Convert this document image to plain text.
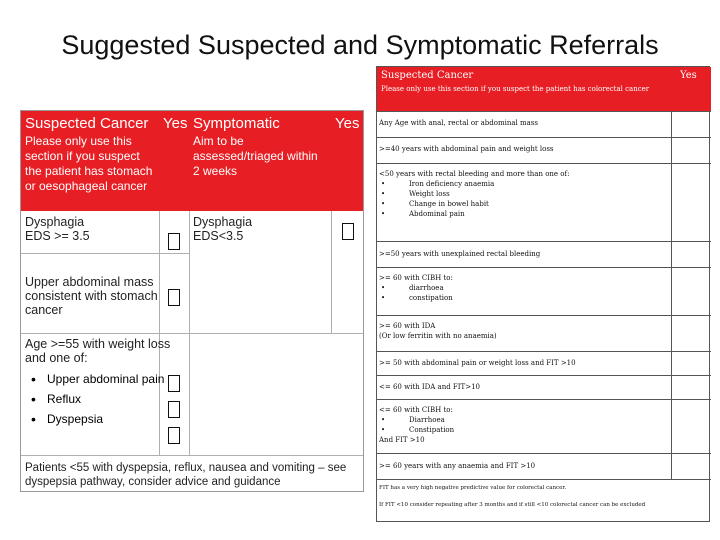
Suggested Suspected and Symptomatic Referrals
Suspected Cancer
Please only use this section if you suspect the patient has stomach or oesophageal cancer
Yes Symptomatic
Aim to be assessed/triaged within 2 weeks
Yes
Dysphagia
EDS >= 3.5
Dysphagia
EDS<3.5
Upper abdominal mass
consistent with stomach
cancer
Age >=55 with weight loss
and one of:
• Upper abdominal pain
• Reflux
• Dyspepsia
Patients <55 with dyspepsia, reflux, nausea and vomiting – see dyspepsia pathway, consider advice and guidance
Suspected Cancer
Please only use this section if you suspect the patient has colorectal cancer
Yes
Any Age with anal, rectal or abdominal mass
>=40 years with abdominal pain and weight loss
<50 years with rectal bleeding and more than one of:
• Iron deficiency anaemia
• Weight loss
• Change in bowel habit
• Abdominal pain
>=50 years with unexplained rectal bleeding
>= 60 with CIBH to:
• diarrhoea
• constipation
>= 60 with IDA
(Or low ferritin with no anaemia)
>= 50 with abdominal pain or weight loss and FIT >10
<= 60 with IDA and FIT>10
<= 60 with CIBH to:
• Diarrhoea
• Constipation
And FIT >10
>= 60 years with any anaemia and FIT >10
FIT has a very high negative predictive value for colorectal cancer.
If FIT <10 consider repeating after 3 months and if still <10 colorectal cancer can be excluded
